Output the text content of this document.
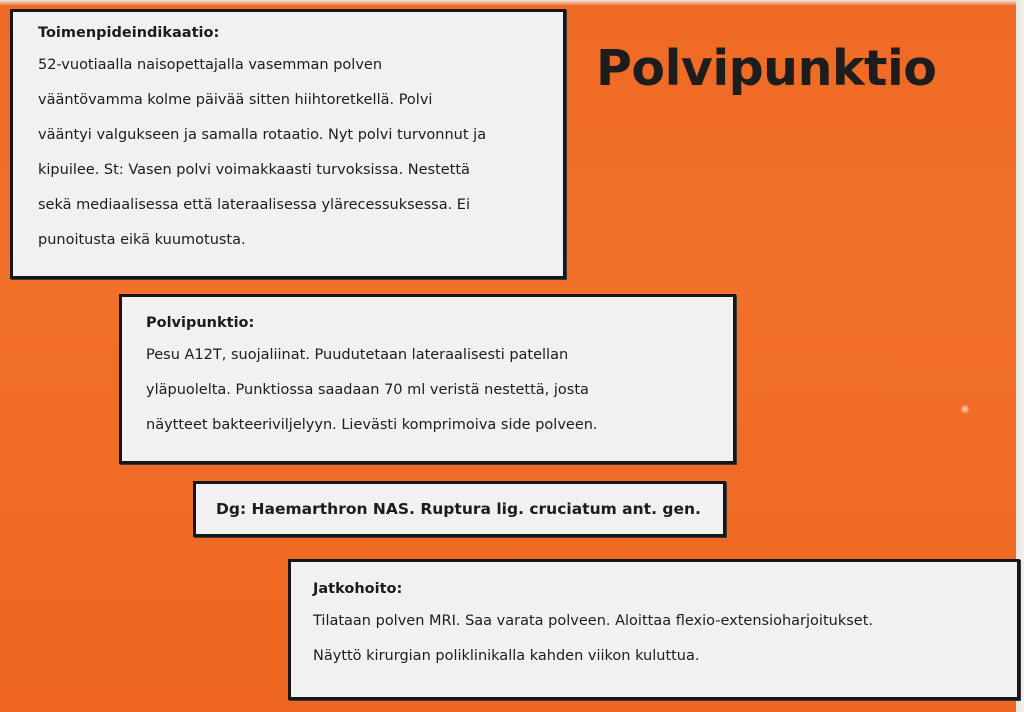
Polvipunktio
Toimenpideindikaatio:
52-vuotiaalla naisopettajalla vasemman polven
vääntövamma kolme päivää sitten hiihtoretkellä. Polvi
vääntyi valgukseen ja samalla rotaatio. Nyt polvi turvonnut ja
kipuilee. St: Vasen polvi voimakkaasti turvoksissa. Nestettä
sekä mediaalisessa että lateraalisessa ylärecessuksessa. Ei
punoitusta eikä kuumotusta.
Polvipunktio:
Pesu A12T, suojaliinat. Puudutetaan lateraalisesti patellan
yläpuolelta. Punktiossa saadaan 70 ml veristä nestettä, josta
näytteet bakteeriviljelyyn. Lievästi komprimoiva side polveen.
Dg: Haemarthron NAS. Ruptura lig. cruciatum ant. gen.
Jatkohoito:
Tilataan polven MRI. Saa varata polveen. Aloittaa flexio-extensioharjoitukset.
Näyttö kirurgian poliklinikalla kahden viikon kuluttua.
